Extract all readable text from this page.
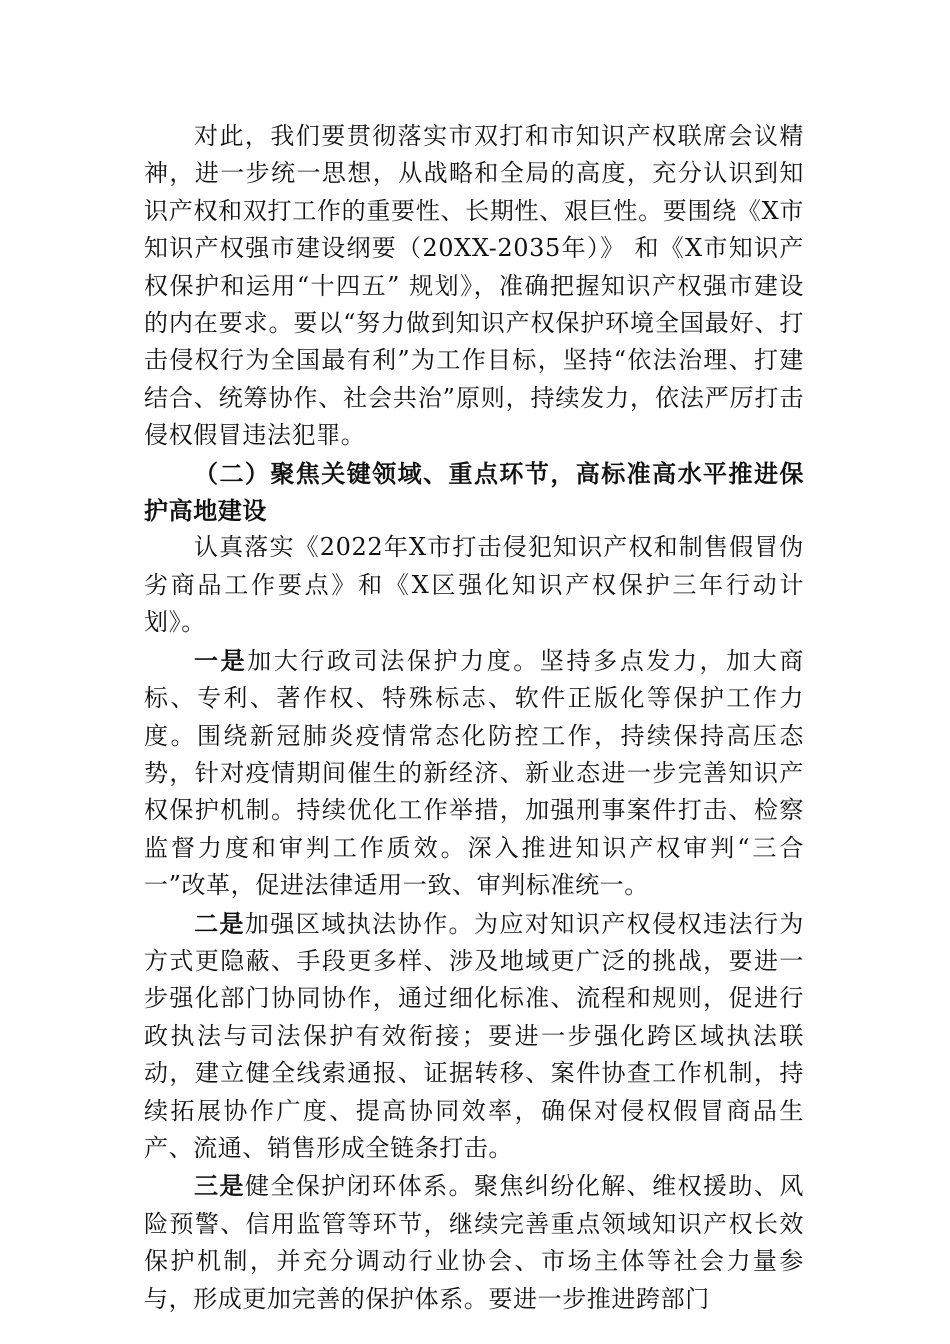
对此，我们要贯彻落实市双打和市知识产权联席会议精神，进一步统一思想，从战略和全局的高度，充分认识到知识产权和双打工作的重要性、长期性、艰巨性。要围绕《X市知识产权强市建设纲要（20XX-2035年）》 和《X市知识产权保护和运用“十四五” 规划》，准确把握知识产权强市建设的内在要求。要以“努力做到知识产权保护环境全国最好、打击侵权行为全国最有利”为工作目标，坚持“依法治理、打建结合、统筹协作、社会共治”原则，持续发力，依法严厉打击侵权假冒违法犯罪。

（二）聚焦关键领域、重点环节，高标准高水平推进保护高地建设

认真落实《2022年X市打击侵犯知识产权和制售假冒伪劣商品工作要点》和《X区强化知识产权保护三年行动计划》。

一是加大行政司法保护力度。坚持多点发力，加大商标、专利、著作权、特殊标志、软件正版化等保护工作力度。围绕新冠肺炎疫情常态化防控工作，持续保持高压态势，针对疫情期间催生的新经济、新业态进一步完善知识产权保护机制。持续优化工作举措，加强刑事案件打击、检察监督力度和审判工作质效。深入推进知识产权审判“三合一”改革，促进法律适用一致、审判标准统一。

二是加强区域执法协作。为应对知识产权侵权违法行为方式更隐蔽、手段更多样、涉及地域更广泛的挑战，要进一步强化部门协同协作，通过细化标准、流程和规则，促进行政执法与司法保护有效衔接；要进一步强化跨区域执法联动，建立健全线索通报、证据转移、案件协查工作机制，持续拓展协作广度、提高协同效率，确保对侵权假冒商品生产、流通、销售形成全链条打击。

三是健全保护闭环体系。聚焦纠纷化解、维权援助、风险预警、信用监管等环节，继续完善重点领域知识产权长效保护机制，并充分调动行业协会、市场主体等社会力量参与，形成更加完善的保护体系。要进一步推进跨部门
